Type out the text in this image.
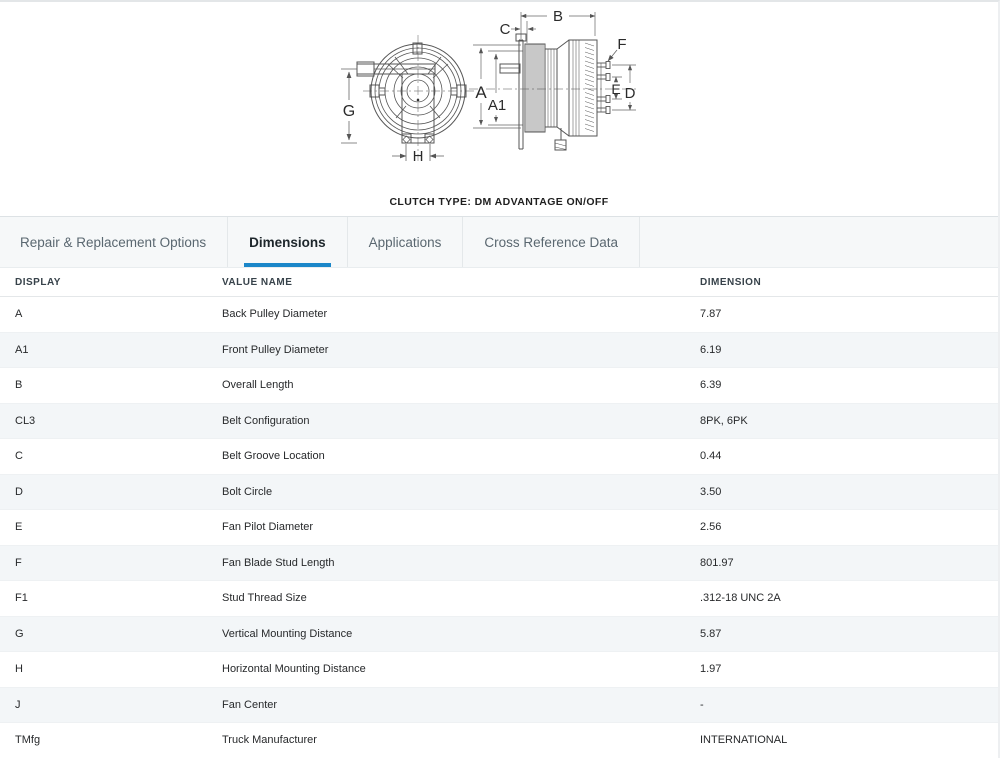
G
H
A
A1
B
C
E D
F
CLUTCH TYPE: DM ADVANTAGE ON/OFF
Repair & Replacement Options	Dimensions	Applications	Cross Reference Data
DISPLAY	VALUE NAME	DIMENSION
A	Back Pulley Diameter	7.87
A1	Front Pulley Diameter	6.19
B	Overall Length	6.39
CL3	Belt Configuration	8PK, 6PK
C	Belt Groove Location	0.44
D	Bolt Circle	3.50
E	Fan Pilot Diameter	2.56
F	Fan Blade Stud Length	801.97
F1	Stud Thread Size	.312-18 UNC 2A
G	Vertical Mounting Distance	5.87
H	Horizontal Mounting Distance	1.97
J	Fan Center	-
TMfg	Truck Manufacturer	INTERNATIONAL
